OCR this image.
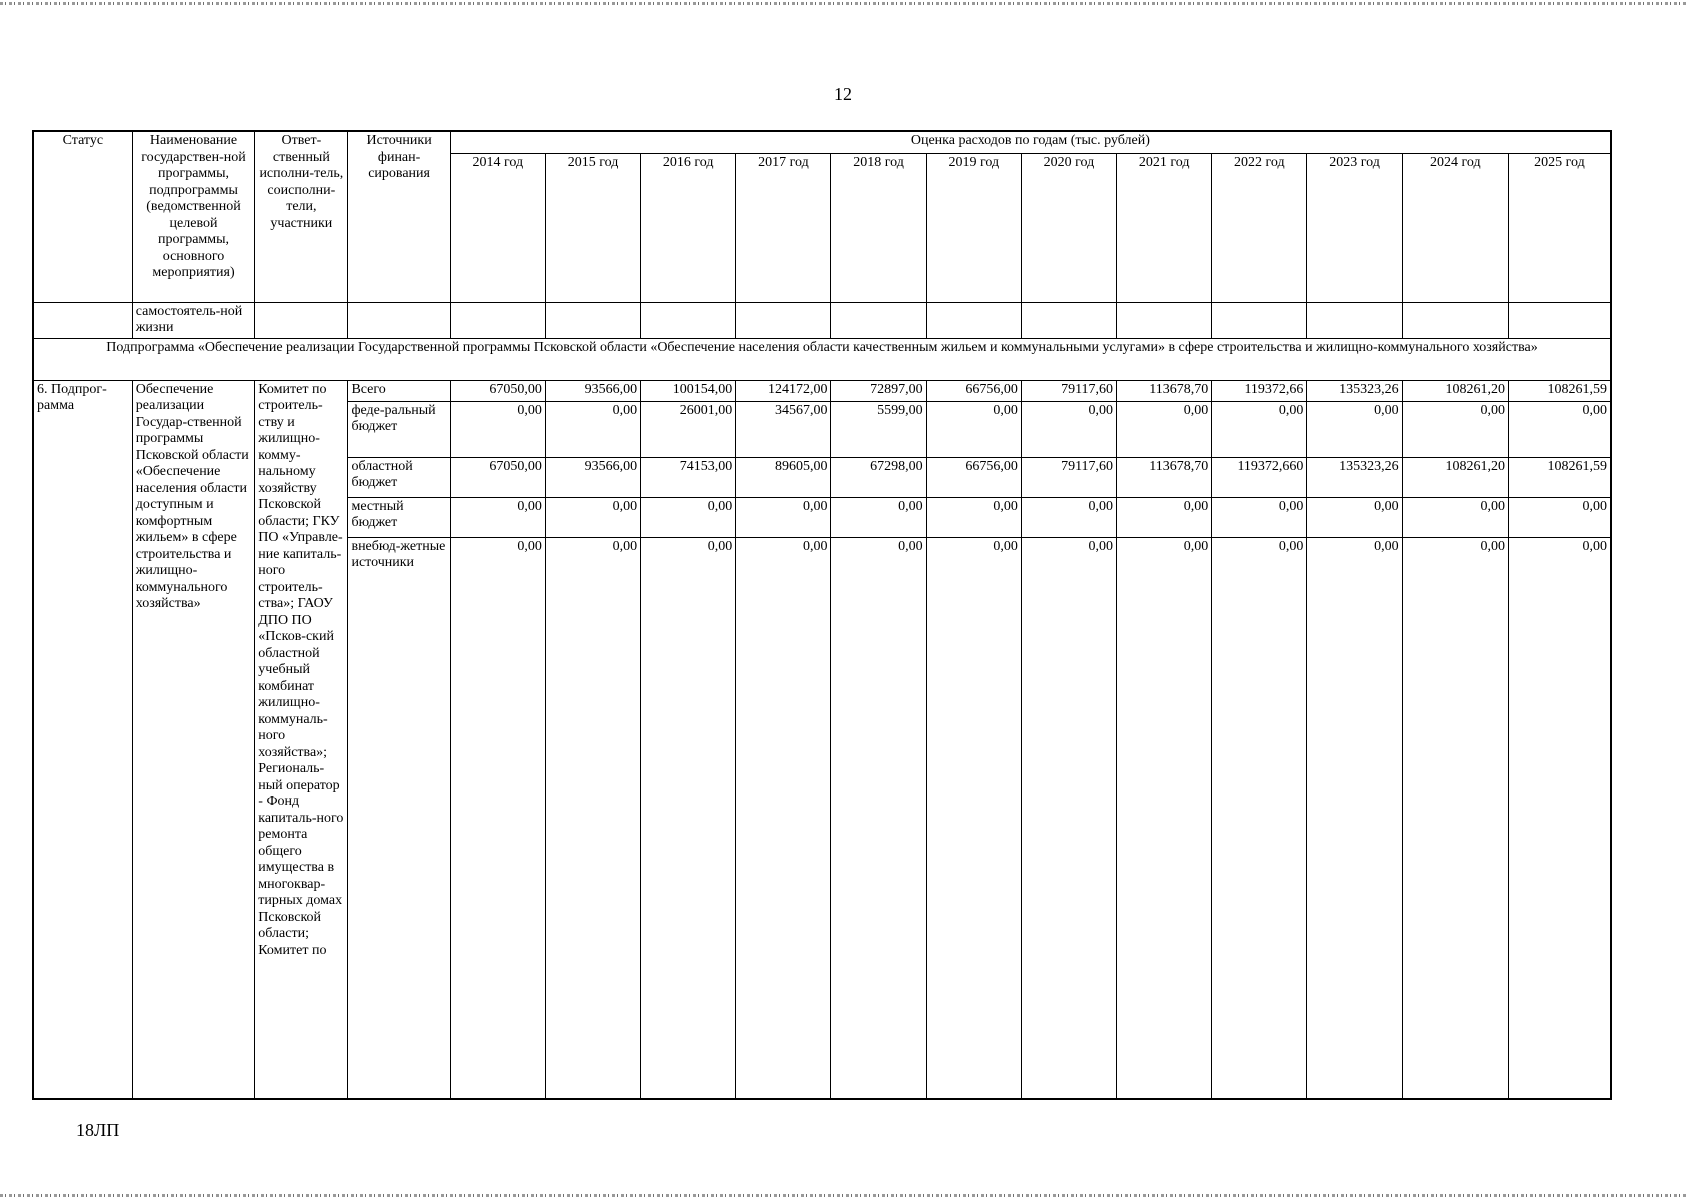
12
Статус	Наименование государствен-ной программы, подпрограммы (ведомственной целевой программы, основного мероприятия)	Ответ-ственный исполни-тель, соисполни-тели, участники	Источники финан-сирования	Оценка расходов по годам (тыс. рублей)											
				2014 год	2015 год	2016 год	2017 год	2018 год	2019 год	2020 год	2021 год	2022 год	2023 год	2024 год	2025 год
	самостоятель-ной жизни														
Подпрограмма «Обеспечение реализации Государственной программы Псковской области «Обеспечение населения области качественным жильем и коммунальными услугами» в сфере строительства и жилищно-коммунального хозяйства»															
6. Подпрог-рамма	Обеспечение реализации Государ-ственной программы Псковской области «Обеспечение населения области доступным и комфортным жильем» в сфере строительства и жилищно-коммунального хозяйства»	Комитет по строитель-ству и жилищно-комму-нальному хозяйству Псковской области; ГКУ ПО «Управле-ние капиталь-ного строитель-ства»; ГАОУ ДПО ПО «Псков-ский областной учебный комбинат жилищно-коммуналь-ного хозяйства»; Региональ-ный оператор - Фонд капиталь-ного ремонта общего имущества в многоквар-тирных домах Псковской области; Комитет по	Всего	67050,00	93566,00	100154,00	124172,00	72897,00	66756,00	79117,60	113678,70	119372,66	135323,26	108261,20	108261,59
			феде-ральный бюджет	0,00	0,00	26001,00	34567,00	5599,00	0,00	0,00	0,00	0,00	0,00	0,00	0,00
			областной бюджет	67050,00	93566,00	74153,00	89605,00	67298,00	66756,00	79117,60	113678,70	119372,660	135323,26	108261,20	108261,59
			местный бюджет	0,00	0,00	0,00	0,00	0,00	0,00	0,00	0,00	0,00	0,00	0,00	0,00
			внебюд-жетные источники	0,00	0,00	0,00	0,00	0,00	0,00	0,00	0,00	0,00	0,00	0,00	0,00
18ЛП
